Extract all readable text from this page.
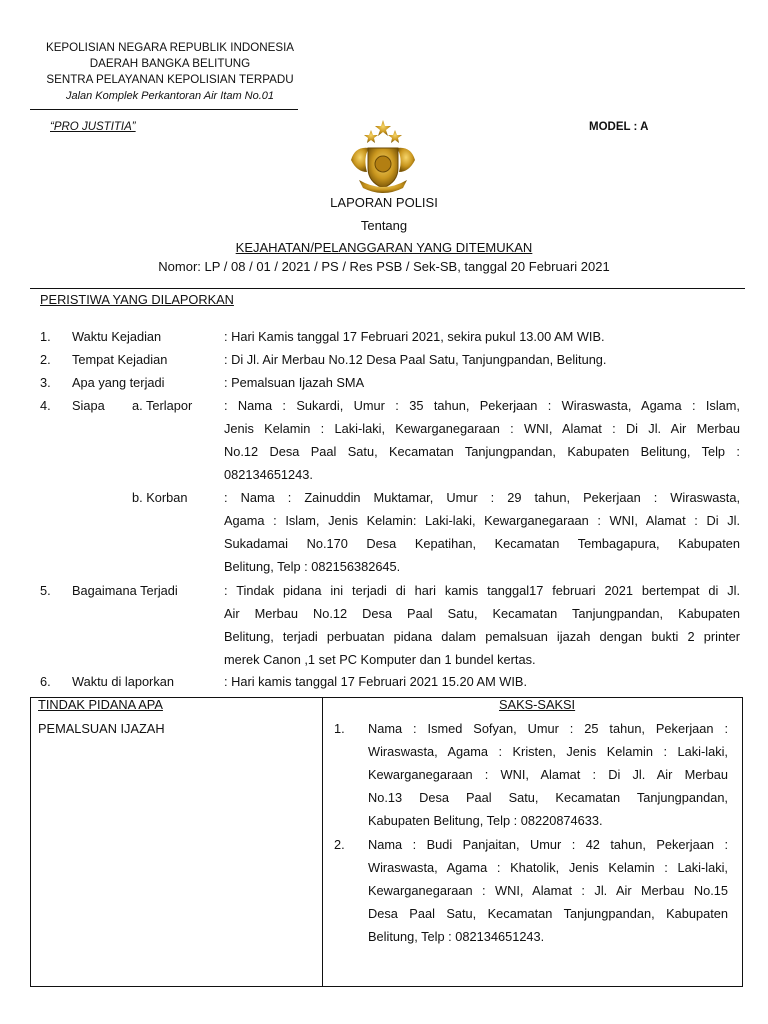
KEPOLISIAN NEGARA REPUBLIK INDONESIA
DAERAH BANGKA BELITUNG
SENTRA PELAYANAN KEPOLISIAN TERPADU
Jalan Komplek Perkantoran Air Itam No.01
“PRO JUSTITIA”	MODEL : A
LAPORAN POLISI
Tentang
KEJAHATAN/PELANGGARAN YANG DITEMUKAN
Nomor: LP / 08 / 01 / 2021 / PS / Res PSB / Sek-SB, tanggal 20 Februari 2021
PERISTIWA YANG DILAPORKAN
1. Waktu Kejadian	: Hari Kamis tanggal 17 Februari 2021, sekira pukul 13.00 AM WIB.
2. Tempat Kejadian	: Di Jl. Air Merbau No.12 Desa Paal Satu, Tanjungpandan, Belitung.
3. Apa yang terjadi	: Pemalsuan Ijazah SMA
4. Siapa a. Terlapor : Nama : Sukardi, Umur : 35 tahun, Pekerjaan : Wiraswasta, Agama : Islam,
Jenis Kelamin : Laki-laki, Kewarganegaraan : WNI, Alamat : Di Jl. Air Merbau
No.12 Desa Paal Satu, Kecamatan Tanjungpandan, Kabupaten Belitung, Telp :
082134651243.
b. Korban	: Nama : Zainuddin Muktamar, Umur : 29 tahun, Pekerjaan : Wiraswasta,
Agama : Islam, Jenis Kelamin: Laki-laki, Kewarganegaraan : WNI, Alamat : Di Jl.
Sukadamai No.170 Desa Kepatihan, Kecamatan Tembagapura, Kabupaten
Belitung, Telp : 082156382645.
5. Bagaimana Terjadi	: Tindak pidana ini terjadi di hari kamis tanggal17 februari 2021 bertempat di Jl.
Air Merbau No.12 Desa Paal Satu, Kecamatan Tanjungpandan, Kabupaten
Belitung, terjadi perbuatan pidana dalam pemalsuan ijazah dengan bukti 2 printer
merek Canon ,1 set PC Komputer dan 1 bundel kertas.
6. Waktu di laporkan	: Hari kamis tanggal 17 Februari 2021 15.20 AM WIB.
TINDAK PIDANA APA
PEMALSUAN IJAZAH
SAKS-SAKSI
1. Nama : Ismed Sofyan, Umur : 25 tahun, Pekerjaan :
Wiraswasta, Agama : Kristen, Jenis Kelamin : Laki-laki,
Kewarganegaraan : WNI, Alamat : Di Jl. Air Merbau
No.13 Desa Paal Satu, Kecamatan Tanjungpandan,
Kabupaten Belitung, Telp : 08220874633.
2. Nama : Budi Panjaitan, Umur : 42 tahun, Pekerjaan :
Wiraswasta, Agama : Khatolik, Jenis Kelamin : Laki-laki,
Kewarganegaraan : WNI, Alamat : Jl. Air Merbau No.15
Desa Paal Satu, Kecamatan Tanjungpandan, Kabupaten
Belitung, Telp : 082134651243.
